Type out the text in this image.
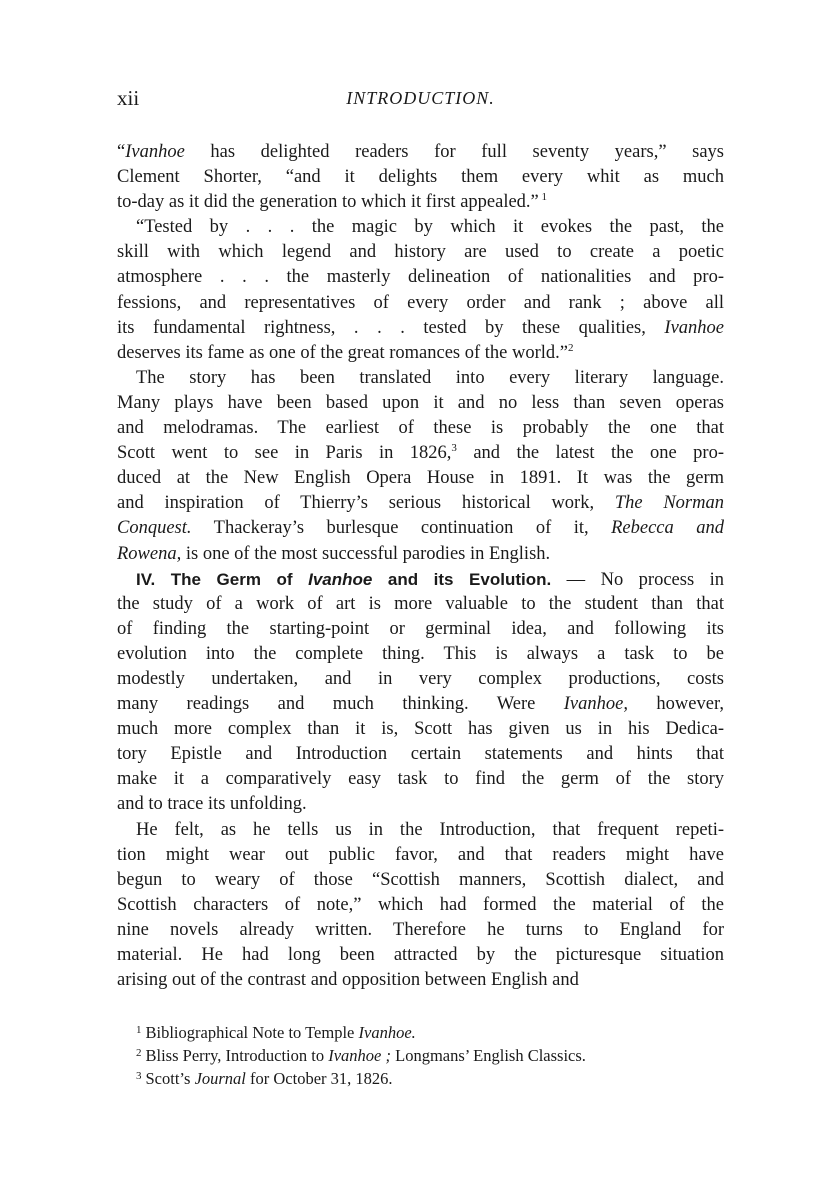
xii	INTRODUCTION.
“Ivanhoe has delighted readers for full seventy years,” says
Clement Shorter, “and it delights them every whit as much
to-day as it did the generation to which it first appealed.” $^1$
“Tested by . . . the magic by which it evokes the past, the
skill with which legend and history are used to create a poetic
atmosphere . . . the masterly delineation of nationalities and pro-
fessions, and representatives of every order and rank ; above all
its fundamental rightness, . . . tested by these qualities, Ivanhoe
deserves its fame as one of the great romances of the world.”$^2$
The story has been translated into every literary language.
Many plays have been based upon it and no less than seven operas
and melodramas. The earliest of these is probably the one that
Scott went to see in Paris in 1826,$^3$ and the latest the one pro-
duced at the New English Opera House in 1891. It was the germ
and inspiration of Thierry’s serious historical work, The Norman
Conquest. Thackeray’s burlesque continuation of it, Rebecca and
Rowena, is one of the most successful parodies in English.
IV. The Germ of Ivanhoe and its Evolution. — No process in
the study of a work of art is more valuable to the student than that
of finding the starting-point or germinal idea, and following its
evolution into the complete thing. This is always a task to be
modestly undertaken, and in very complex productions, costs
many readings and much thinking. Were Ivanhoe, however,
much more complex than it is, Scott has given us in his Dedica-
tory Epistle and Introduction certain statements and hints that
make it a comparatively easy task to find the germ of the story
and to trace its unfolding.
He felt, as he tells us in the Introduction, that frequent repeti-
tion might wear out public favor, and that readers might have
begun to weary of those “Scottish manners, Scottish dialect, and
Scottish characters of note,” which had formed the material of the
nine novels already written. Therefore he turns to England for
material. He had long been attracted by the picturesque situation
arising out of the contrast and opposition between English and
$^1$ Bibliographical Note to Temple Ivanhoe.
$^2$ Bliss Perry, Introduction to Ivanhoe ; Longmans’ English Classics.
$^3$ Scott’s Journal for October 31, 1826.
